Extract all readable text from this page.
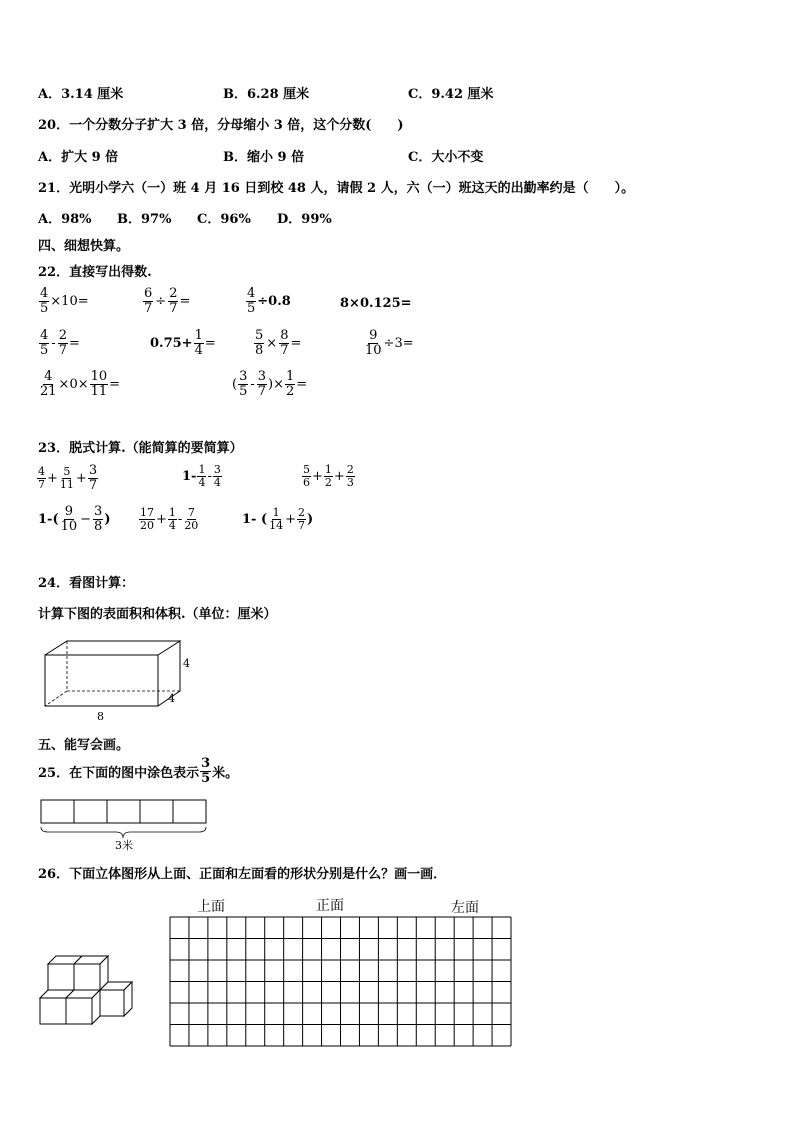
A．3.14 厘米	B．6.28 厘米	C．9.42 厘米
20．一个分数分子扩大 3 倍，分母缩小 3 倍，这个分数(　　)
A．扩大 9 倍	B．缩小 9 倍	C．大小不变
21．光明小学六（一）班 4 月 16 日到校 48 人，请假 2 人，六（一）班这天的出勤率约是（　　）。
A．98% B．97% C．96% D．99%
四、细想快算。
22．直接写出得数.
$\frac{4}{5} \times 10=$	$\frac{6}{7} \div \frac{2}{7}$ =	$\frac{4}{5} \div 0.8$	8×0.125=
$\frac{4}{5} - \frac{2}{7}$ =	$0.75+ \frac{1}{4}$ =	$\frac{5}{8} \times \frac{8}{7}$ =	$\frac{9}{10} \div 3=$
$\frac{4}{21} \times 0\times \frac{10}{11}$ =	( $\frac{3}{5} - \frac{3}{7}$ )× $\frac{1}{2}$ =
23．脱式计算.（能简算的要简算）
$\frac{4}{7} + \frac{5}{11} + \frac{3}{7}$	$1- \frac{1}{4} - \frac{3}{4}$	$\frac{5}{6} + \frac{1}{2} + \frac{2}{3}$
$1-( \frac{9}{10} - \frac{3}{8}$ )	$\frac{17}{20} + \frac{1}{4} - \frac{7}{20}$	1- ( $\frac{1}{14} + \frac{2}{7}$ )
24．看图计算：
计算下图的表面积和体积.（单位：厘米）
4
4
8
五、能写会画。
25．在下面的图中涂色表示 $\frac{3}{5}$ 米。
3米
26．下面立体图形从上面、正面和左面看的形状分别是什么？画一画．
上面	正面	左面
